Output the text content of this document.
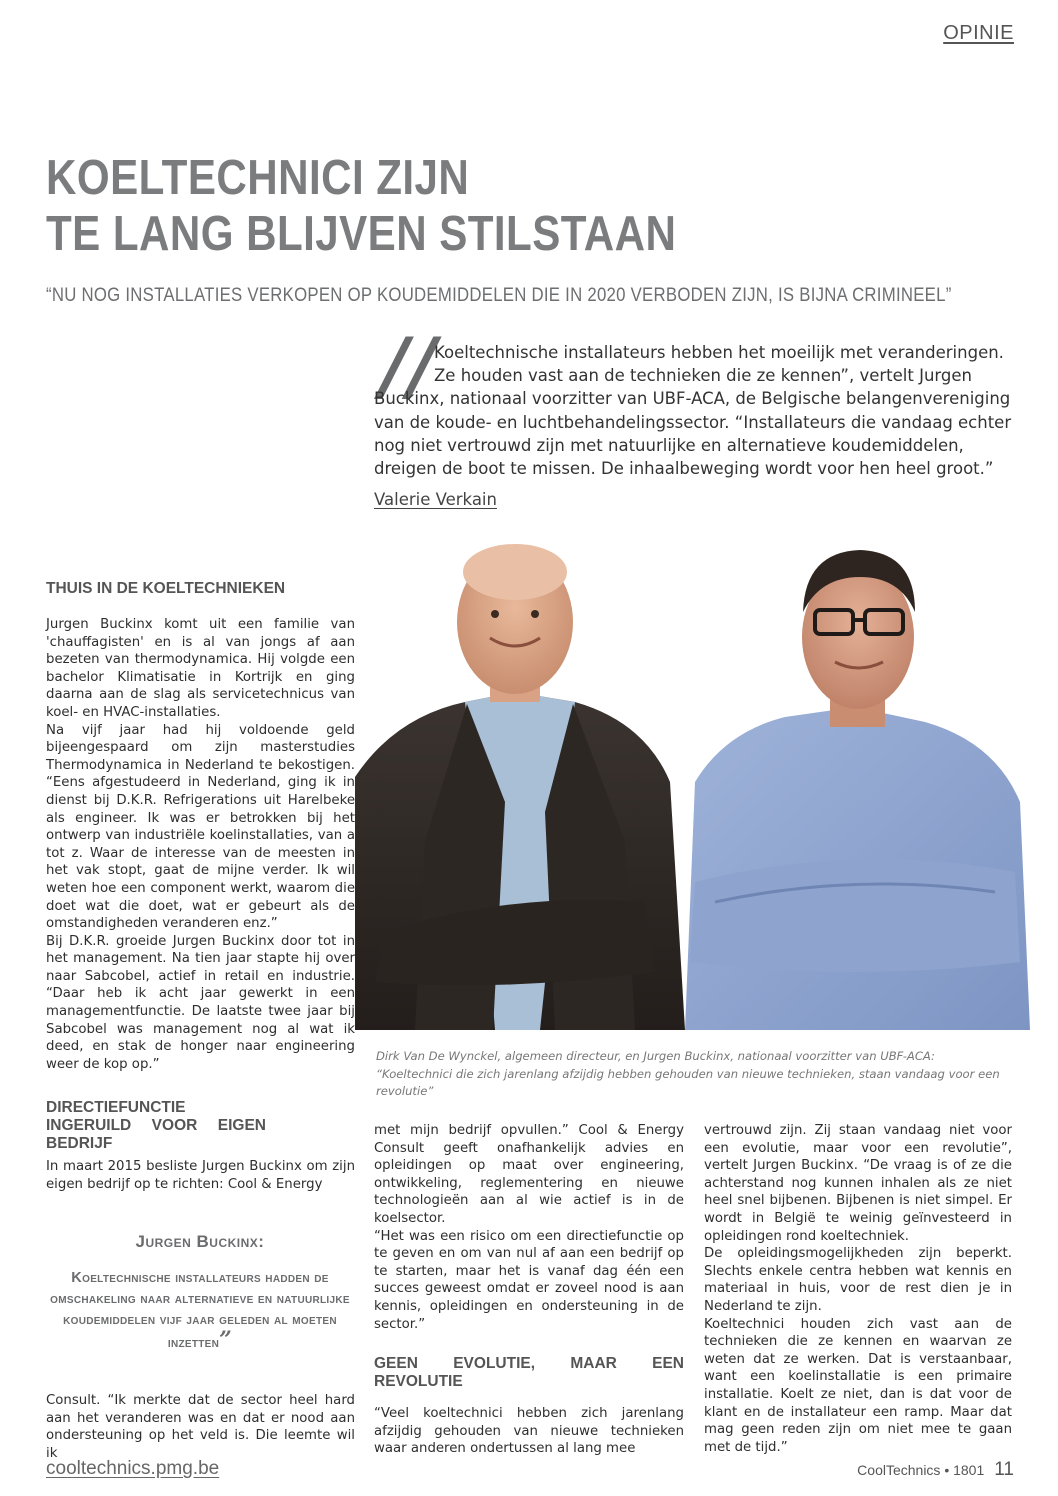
OPINIE
KOELTECHNICI ZIJN
TE LANG BLIJVEN STILSTAAN
“NU NOG INSTALLATIES VERKOPEN OP KOUDEMIDDELEN DIE IN 2020 VERBODEN ZIJN, IS BIJNA CRIMINEEL”
//
Koeltechnische installateurs hebben het moeilijk met veranderingen. Ze houden vast aan de technieken die ze kennen”, vertelt Jurgen Buckinx, nationaal voorzitter van UBF-ACA, de Belgische belangenvereniging van de koude- en luchtbehandelingssector. “Installateurs die vandaag echter nog niet vertrouwd zijn met natuurlijke en alternatieve koudemiddelen, dreigen de boot te missen. De inhaalbeweging wordt voor hen heel groot.”
Valerie Verkain
THUIS IN DE KOELTECHNIEKEN

Jurgen Buckinx komt uit een familie van 'chauffagisten' en is al van jongs af aan bezeten van thermodynamica. Hij volgde een bachelor Klimatisatie in Kortrijk en ging daarna aan de slag als servicetechnicus van koel- en HVAC-installaties.

Na vijf jaar had hij voldoende geld bijeengespaard om zijn masterstudies Thermodynamica in Nederland te bekostigen. “Eens afgestudeerd in Nederland, ging ik in dienst bij D.K.R. Refrigerations uit Harelbeke als engineer. Ik was er betrokken bij het ontwerp van industriële koelinstallaties, van a tot z. Waar de interesse van de meesten in het vak stopt, gaat de mijne verder. Ik wil weten hoe een component werkt, waarom die doet wat die doet, wat er gebeurt als de omstandigheden veranderen enz.”

Bij D.K.R. groeide Jurgen Buckinx door tot in het management. Na tien jaar stapte hij over naar Sabcobel, actief in retail en industrie. “Daar heb ik acht jaar gewerkt in een managementfunctie. De laatste twee jaar bij Sabcobel was management nog al wat ik deed, en stak de honger naar engineering weer de kop op.”

DIRECTIEFUNCTIE INGERUILD VOOR EIGEN BEDRIJF

In maart 2015 besliste Jurgen Buckinx om zijn eigen bedrijf op te richten: Cool & Energy

Jurgen Buckinx:
Koeltechnische installateurs hadden de omschakeling naar alternatieve en natuurlijke koudemiddelen vijf jaar geleden al moeten inzetten”

Consult. “Ik merkte dat de sector heel hard aan het veranderen was en dat er nood aan ondersteuning op het veld is. Die leemte wil ik

Dirk Van De Wynckel, algemeen directeur, en Jurgen Buckinx, nationaal voorzitter van UBF-ACA: “Koeltechnici die zich jarenlang afzijdig hebben gehouden van nieuwe technieken, staan vandaag voor een revolutie”

met mijn bedrijf opvullen.” Cool & Energy Consult geeft onafhankelijk advies en opleidingen op maat over engineering, ontwikkeling, reglementering en nieuwe technologieën aan al wie actief is in de koelsector.

“Het was een risico om een directiefunctie op te geven en om van nul af aan een bedrijf op te starten, maar het is vanaf dag één een succes geweest omdat er zoveel nood is aan kennis, opleidingen en ondersteuning in de sector.”

GEEN EVOLUTIE, MAAR EEN REVOLUTIE

“Veel koeltechnici hebben zich jarenlang afzijdig gehouden van nieuwe technieken waar anderen ondertussen al lang mee

vertrouwd zijn. Zij staan vandaag niet voor een evolutie, maar voor een revolutie”, vertelt Jurgen Buckinx. “De vraag is of ze die achterstand nog kunnen inhalen als ze niet heel snel bijbenen. Bijbenen is niet simpel. Er wordt in België te weinig geïnvesteerd in opleidingen rond koeltechniek.

De opleidingsmogelijkheden zijn beperkt. Slechts enkele centra hebben wat kennis en materiaal in huis, voor de rest dien je in Nederland te zijn.

Koeltechnici houden zich vast aan de technieken die ze kennen en waarvan ze weten dat ze werken. Dat is verstaanbaar, want een koelinstallatie is een primaire installatie. Koelt ze niet, dan is dat voor de klant en de installateur een ramp. Maar dat mag geen reden zijn om niet mee te gaan met de tijd.”

cooltechnics.pmg.be	CoolTechnics • 1801 11
